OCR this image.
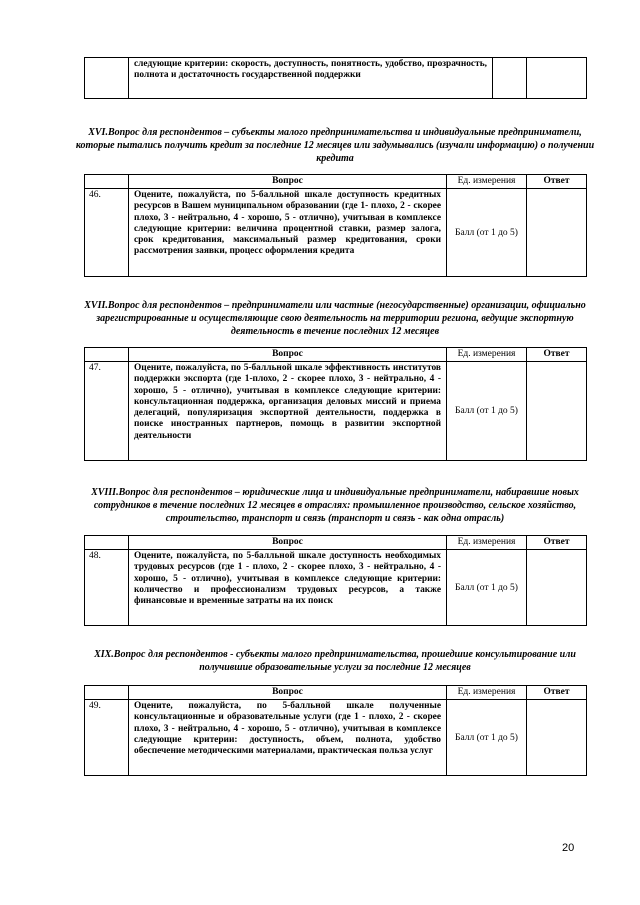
	следующие критерии: скорость, доступность, понятность, удобство, прозрачность, полнота и достаточность государственной поддержки		
XVI.Вопрос для респондентов – субъекты малого предпринимательства и индивидуальные предприниматели, которые пытались получить кредит за последние 12 месяцев или задумывались (изучали информацию) о получении кредита
	Вопрос	Ед. измерения	Ответ
46.	Оцените, пожалуйста, по 5-балльной шкале доступность кредитных ресурсов в Вашем муниципальном образовании (где 1- плохо, 2 - скорее плохо, 3 - нейтрально, 4 - хорошо, 5 - отлично), учитывая в комплексе следующие критерии: величина процентной ставки, размер залога, срок кредитования, максимальный размер кредитования, сроки рассмотрения заявки, процесс оформления кредита	Балл (от 1 до 5)	
XVII.Вопрос для респондентов – предприниматели или частные (негосударственные) организации, официально зарегистрированные и осуществляющие свою деятельность на территории региона, ведущие экспортную деятельность в течение последних 12 месяцев
	Вопрос	Ед. измерения	Ответ
47.	Оцените, пожалуйста, по 5-балльной шкале эффективность институтов поддержки экспорта (где 1-плохо, 2 - скорее плохо, 3 - нейтрально, 4 - хорошо, 5 - отлично), учитывая в комплексе следующие критерии: консультационная поддержка, организация деловых миссий и приема делегаций, популяризация экспортной деятельности, поддержка в поиске иностранных партнеров, помощь в развитии экспортной деятельности	Балл (от 1 до 5)	
XVIII.Вопрос для респондентов – юридические лица и индивидуальные предприниматели, набиравшие новых сотрудников в течение последних 12 месяцев в отраслях: промышленное производство, сельское хозяйство, строительство, транспорт и связь (транспорт и связь - как одна отрасль)
	Вопрос	Ед. измерения	Ответ
48.	Оцените, пожалуйста, по 5-балльной шкале доступность необходимых трудовых ресурсов (где 1 - плохо, 2 - скорее плохо, 3 - нейтрально, 4 - хорошо, 5 - отлично), учитывая в комплексе следующие критерии: количество и профессионализм трудовых ресурсов, а также финансовые и временные затраты на их поиск	Балл (от 1 до 5)	
XIX.Вопрос для респондентов - субъекты малого предпринимательства, прошедшие консультирование или получившие образовательные услуги за последние 12 месяцев
	Вопрос	Ед. измерения	Ответ
49.	Оцените, пожалуйста, по 5-балльной шкале полученные консультационные и образовательные услуги (где 1 - плохо, 2 - скорее плохо, 3 - нейтрально, 4 - хорошо, 5 - отлично), учитывая в комплексе следующие критерии: доступность, объем, полнота, удобство обеспечение методическими материалами, практическая польза услуг	Балл (от 1 до 5)	
20
